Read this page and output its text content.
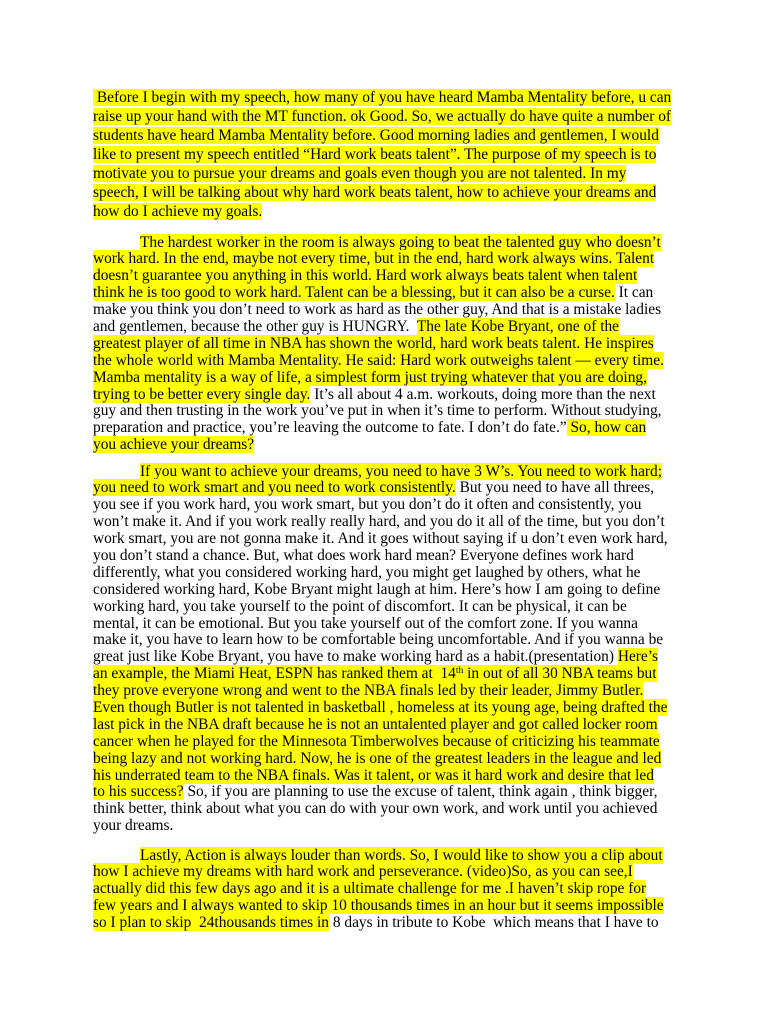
Before I begin with my speech, how many of you have heard Mamba Mentality before, u can
raise up your hand with the MT function. ok Good. So, we actually do have quite a number of
students have heard Mamba Mentality before. Good morning ladies and gentlemen, I would
like to present my speech entitled “Hard work beats talent”. The purpose of my speech is to
motivate you to pursue your dreams and goals even though you are not talented. In my
speech, I will be talking about why hard work beats talent, how to achieve your dreams and
how do I achieve my goals.
The hardest worker in the room is always going to beat the talented guy who doesn’t
work hard. In the end, maybe not every time, but in the end, hard work always wins. Talent
doesn’t guarantee you anything in this world. Hard work always beats talent when talent
think he is too good to work hard. Talent can be a blessing, but it can also be a curse. It can
make you think you don’t need to work as hard as the other guy, And that is a mistake ladies
and gentlemen, because the other guy is HUNGRY.  The late Kobe Bryant, one of the
greatest player of all time in NBA has shown the world, hard work beats talent. He inspires
the whole world with Mamba Mentality. He said: Hard work outweighs talent — every time.
Mamba mentality is a way of life, a simplest form just trying whatever that you are doing,
trying to be better every single day. It’s all about 4 a.m. workouts, doing more than the next
guy and then trusting in the work you’ve put in when it’s time to perform. Without studying,
preparation and practice, you’re leaving the outcome to fate. I don’t do fate.” So, how can
you achieve your dreams?
If you want to achieve your dreams, you need to have 3 W’s. You need to work hard;
you need to work smart and you need to work consistently. But you need to have all threes,
you see if you work hard, you work smart, but you don’t do it often and consistently, you
won’t make it. And if you work really really hard, and you do it all of the time, but you don’t
work smart, you are not gonna make it. And it goes without saying if u don’t even work hard,
you don’t stand a chance. But, what does work hard mean? Everyone defines work hard
differently, what you considered working hard, you might get laughed by others, what he
considered working hard, Kobe Bryant might laugh at him. Here’s how I am going to define
working hard, you take yourself to the point of discomfort. It can be physical, it can be
mental, it can be emotional. But you take yourself out of the comfort zone. If you wanna
make it, you have to learn how to be comfortable being uncomfortable. And if you wanna be
great just like Kobe Bryant, you have to make working hard as a habit.(presentation) Here’s
an example, the Miami Heat, ESPN has ranked them at  14th in out of all 30 NBA teams but
they prove everyone wrong and went to the NBA finals led by their leader, Jimmy Butler.
Even though Butler is not talented in basketball , homeless at its young age, being drafted the
last pick in the NBA draft because he is not an untalented player and got called locker room
cancer when he played for the Minnesota Timberwolves because of criticizing his teammate
being lazy and not working hard. Now, he is one of the greatest leaders in the league and led
his underrated team to the NBA finals. Was it talent, or was it hard work and desire that led
to his success? So, if you are planning to use the excuse of talent, think again , think bigger,
think better, think about what you can do with your own work, and work until you achieved
your dreams.
Lastly, Action is always louder than words. So, I would like to show you a clip about
how I achieve my dreams with hard work and perseverance. (video)So, as you can see,I
actually did this few days ago and it is a ultimate challenge for me .I haven’t skip rope for
few years and I always wanted to skip 10 thousands times in an hour but it seems impossible
so I plan to skip  24thousands times in 8 days in tribute to Kobe  which means that I have to
